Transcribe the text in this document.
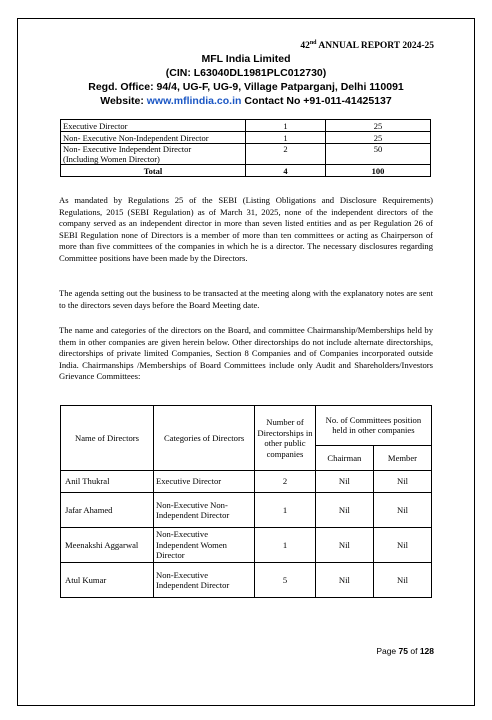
42nd ANNUAL REPORT 2024-25
MFL India Limited
(CIN: L63040DL1981PLC012730)
Regd. Office: 94/4, UG-F, UG-9, Village Patparganj, Delhi 110091
Website: www.mflindia.co.in Contact No +91-011-41425137
Executive Director	1	25
Non- Executive Non-Independent Director	1	25
Non- Executive Independent Director
(Including Women Director)	2	50
Total	4	100
As mandated by Regulations 25 of the SEBI (Listing Obligations and Disclosure Requirements) Regulations, 2015 (SEBI Regulation) as of March 31, 2025, none of the independent directors of the company served as an independent director in more than seven listed entities and as per Regulation 26 of SEBI Regulation none of Directors is a member of more than ten committees or acting as Chairperson of more than five committees of the companies in which he is a director. The necessary disclosures regarding Committee positions have been made by the Directors.
The agenda setting out the business to be transacted at the meeting along with the explanatory notes are sent to the directors seven days before the Board Meeting date.
The name and categories of the directors on the Board, and committee Chairmanship/Memberships held by them in other companies are given herein below. Other directorships do not include alternate directorships, directorships of private limited Companies, Section 8 Companies and of Companies incorporated outside India. Chairmanships /Memberships of Board Committees include only Audit and Shareholders/Investors Grievance Committees:
Name of Directors	Categories of Directors	Number of Directorships in other public companies	No. of Committees position held in other companies	
			Chairman	Member
Anil Thukral	Executive Director	2	Nil	Nil
Jafar Ahamed	Non-Executive Non-Independent Director	1	Nil	Nil
Meenakshi Aggarwal	Non-Executive Independent Women Director	1	Nil	Nil
Atul Kumar	Non-Executive Independent Director	5	Nil	Nil
Page 75 of 128
